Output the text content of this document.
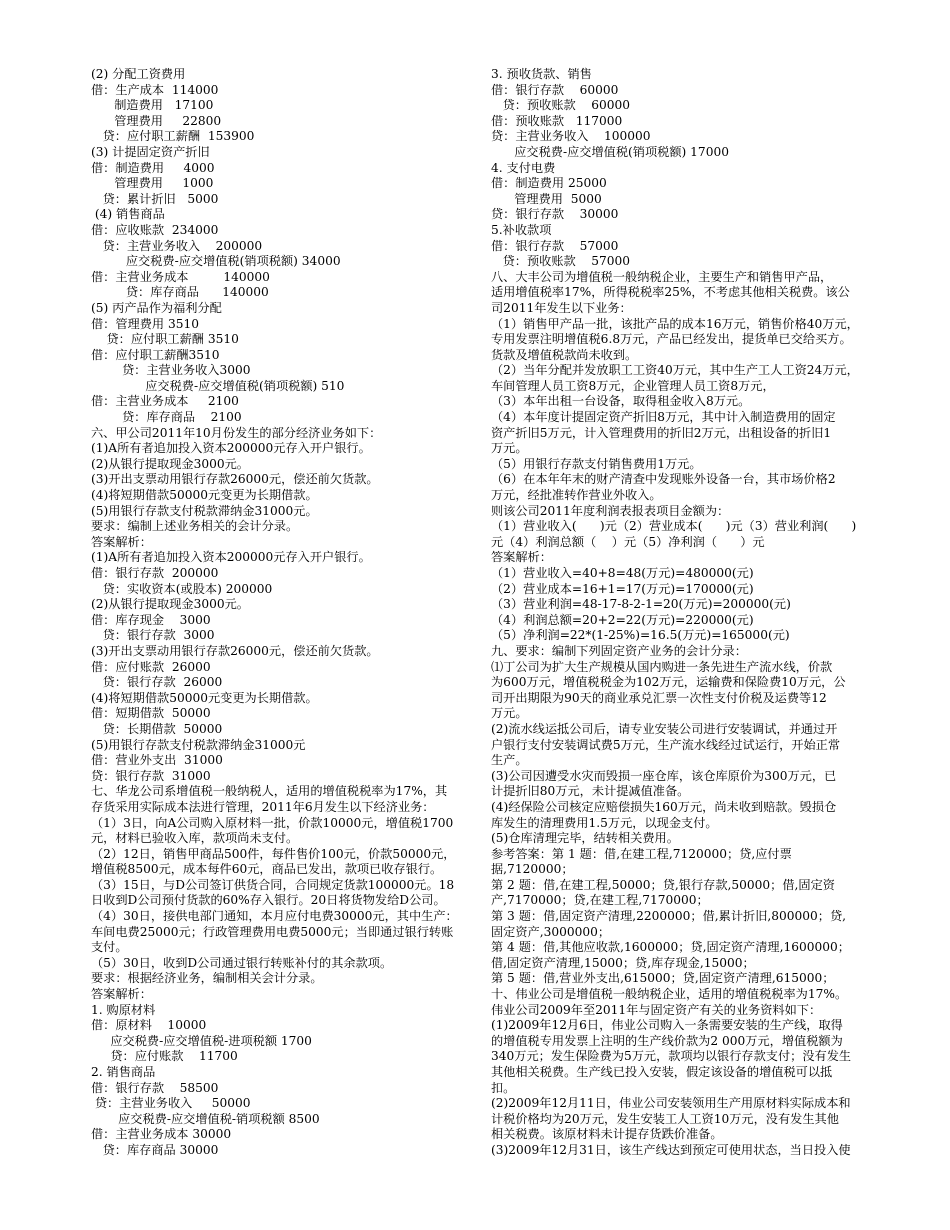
(2) 分配工资费用
借：生产成本  114000
制造费用   17100
管理费用     22800
贷：应付职工薪酬  153900
(3) 计提固定资产折旧
借：制造费用     4000
管理费用     1000
贷：累计折旧   5000
(4) 销售商品
借：应收账款  234000
贷：主营业务收入    200000
应交税费-应交增值税(销项税额) 34000
借：主营业务成本         140000
贷：库存商品      140000
(5) 丙产品作为福利分配
借：管理费用 3510
贷：应付职工薪酬 3510
借：应付职工薪酬3510
贷：主营业务收入3000
应交税费-应交增值税(销项税额) 510
借：主营业务成本     2100
贷：库存商品    2100
六、甲公司2011年10月份发生的部分经济业务如下：
(1)A所有者追加投入资本200000元存入开户银行。
(2)从银行提取现金3000元。
(3)开出支票动用银行存款26000元，偿还前欠货款。
(4)将短期借款50000元变更为长期借款。
(5)用银行存款支付税款滞纳金31000元。
要求：编制上述业务相关的会计分录。
答案解析：
(1)A所有者追加投入资本200000元存入开户银行。
借：银行存款  200000
贷：实收资本(或股本) 200000
(2)从银行提取现金3000元。
借：库存现金    3000
贷：银行存款  3000
(3)开出支票动用银行存款26000元，偿还前欠货款。
借：应付账款  26000
贷：银行存款  26000
(4)将短期借款50000元变更为长期借款。
借：短期借款  50000
贷：长期借款  50000
(5)用银行存款支付税款滞纳金31000元
借：营业外支出  31000
贷：银行存款  31000
七、华龙公司系增值税一般纳税人，适用的增值税税率为17%，其
存货采用实际成本法进行管理，2011年6月发生以下经济业务：
（1）3日，向A公司购入原材料一批，价款10000元，增值税1700
元，材料已验收入库，款项尚未支付。
（2）12日，销售甲商品500件，每件售价100元，价款50000元，
增值税8500元，成本每件60元，商品已发出，款项已收存银行。
（3）15日，与D公司签订供货合同，合同规定货款100000元。18
日收到D公司预付货款的60%存入银行。20日将货物发给D公司。
（4）30日，接供电部门通知，本月应付电费30000元，其中生产：
车间电费25000元；行政管理费用电费5000元；当即通过银行转账
支付。
（5）30日，收到D公司通过银行转账补付的其余款项。
要求：根据经济业务，编制相关会计分录。
答案解析：
1. 购原材料
借：原材料    10000
应交税费-应交增值税-进项税额 1700
贷：应付账款    11700
2. 销售商品
借：银行存款    58500
贷：主营业务收入     50000
应交税费-应交增值税-销项税额 8500
借：主营业务成本 30000
贷：库存商品 30000
3. 预收货款、销售
借：银行存款    60000
贷：预收账款    60000
借：预收账款   117000
贷：主营业务收入    100000
应交税费-应交增值税(销项税额) 17000
4. 支付电费
借：制造费用 25000
管理费用  5000
贷：银行存款    30000
5.补收款项
借：银行存款    57000
贷：预收账款    57000
八、大丰公司为增值税一般纳税企业，主要生产和销售甲产品，
适用增值税率17%，所得税税率25%，不考虑其他相关税费。该公
司2011年发生以下业务：
（1）销售甲产品一批，该批产品的成本16万元，销售价格40万元，
专用发票注明增值税6.8万元，产品已经发出，提货单已交给买方。
货款及增值税款尚未收到。
（2）当年分配并发放职工工资40万元，其中生产工人工资24万元，
车间管理人员工资8万元，企业管理人员工资8万元，
（3）本年出租一台设备，取得租金收入8万元。
（4）本年度计提固定资产折旧8万元，其中计入制造费用的固定
资产折旧5万元，计入管理费用的折旧2万元，出租设备的折旧1
万元。
（5）用银行存款支付销售费用1万元。
（6）在本年年末的财产清查中发现账外设备一台，其市场价格2
万元，经批准转作营业外收入。
则该公司2011年度利润表报表项目金额为：
（1）营业收入(      )元（2）营业成本(      )元（3）营业利润(      )
元（4）利润总额（    ）元（5）净利润（      ）元
答案解析：
（1）营业收入=40+8=48(万元)=480000(元)
（2）营业成本=16+1=17(万元)=170000(元)
（3）营业利润=48-17-8-2-1=20(万元)=200000(元)
（4）利润总额=20+2=22(万元)=220000(元)
（5）净利润=22*(1-25%)=16.5(万元)=165000(元)
九、要求：编制下列固定资产业务的会计分录：
⑴丁公司为扩大生产规模从国内购进一条先进生产流水线，价款
为600万元，增值税税金为102万元，运输费和保险费10万元，公
司开出期限为90天的商业承兑汇票一次性支付价税及运费等12
万元。
(2)流水线运抵公司后，请专业安装公司进行安装调试，并通过开
户银行支付安装调试费5万元，生产流水线经过试运行，开始正常
生产。
(3)公司因遭受水灾而毁损一座仓库，该仓库原价为300万元，已
计提折旧80万元，未计提减值准备。
(4)经保险公司核定应赔偿损失160万元，尚未收到赔款。毁损仓
库发生的清理费用1.5万元，以现金支付。
(5)仓库清理完毕，结转相关费用。
参考答案：第 1 题：借,在建工程,7120000；贷,应付票
据,7120000；
第 2 题：借,在建工程,50000；贷,银行存款,50000；借,固定资
产,7170000；贷,在建工程,7170000；
第 3 题：借,固定资产清理,2200000；借,累计折旧,800000；贷,
固定资产,3000000；
第 4 题：借,其他应收款,1600000；贷,固定资产清理,1600000；
借,固定资产清理,15000；贷,库存现金,15000；
第 5 题：借,营业外支出,615000；贷,固定资产清理,615000；
十、伟业公司是增值税一般纳税企业，适用的增值税税率为17%。
伟业公司2009年至2011年与固定资产有关的业务资料如下：
(1)2009年12月6日，伟业公司购入一条需要安装的生产线，取得
的增值税专用发票上注明的生产线价款为2 000万元，增值税额为
340万元；发生保险费为5万元，款项均以银行存款支付；没有发生
其他相关税费。生产线已投入安装，假定该设备的增值税可以抵
扣。
(2)2009年12月11日，伟业公司安装领用生产用原材料实际成本和
计税价格均为20万元，发生安装工人工资10万元，没有发生其他
相关税费。该原材料未计提存货跌价准备。
(3)2009年12月31日，该生产线达到预定可使用状态，当日投入使
